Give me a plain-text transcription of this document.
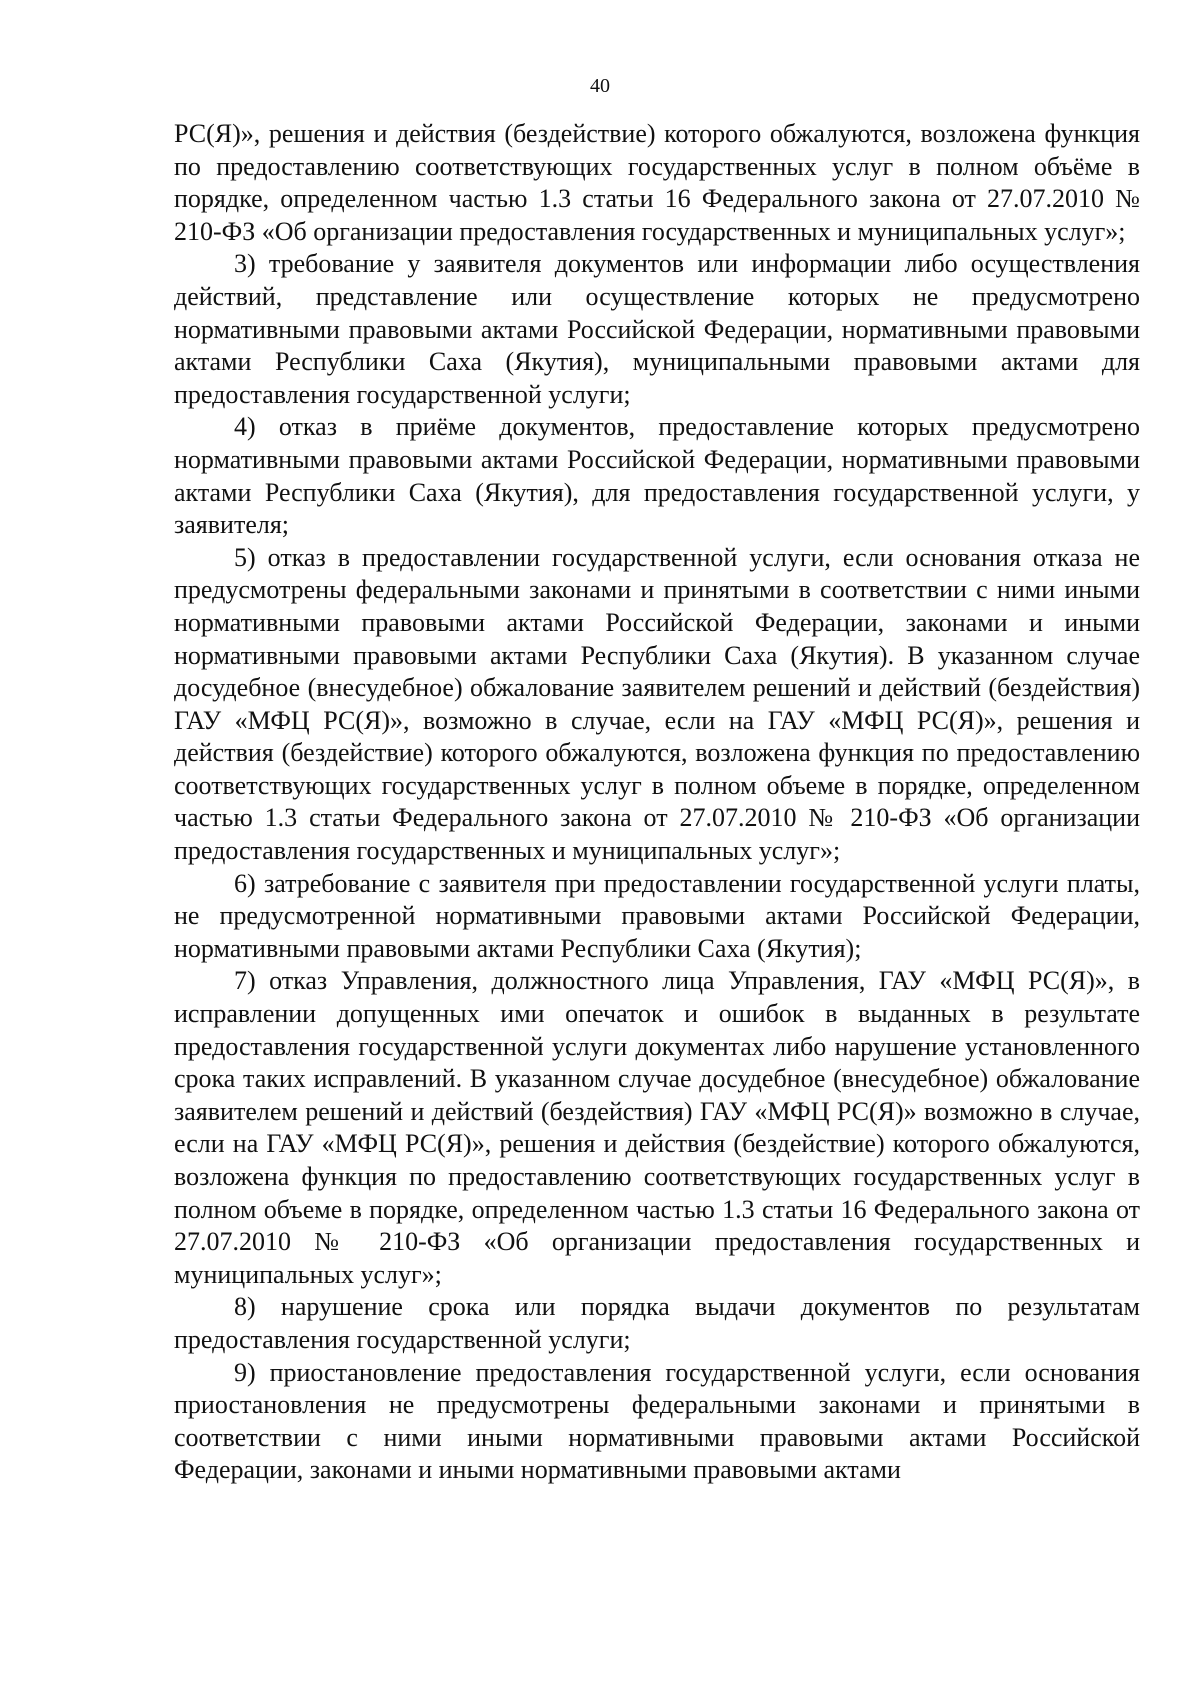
40

РС(Я)», решения и действия (бездействие) которого обжалуются, возложена функция по предоставлению соответствующих государственных услуг в полном объёме в порядке, определенном частью 1.3 статьи 16 Федерального закона от 27.07.2010 № 210-ФЗ «Об организации предоставления государственных и муниципальных услуг»;

3) требование у заявителя документов или информации либо осуществления действий, представление или осуществление которых не предусмотрено нормативными правовыми актами Российской Федерации, нормативными правовыми актами Республики Саха (Якутия), муниципальными правовыми актами для предоставления государственной услуги;

4) отказ в приёме документов, предоставление которых предусмотрено нормативными правовыми актами Российской Федерации, нормативными правовыми актами Республики Саха (Якутия), для предоставления государственной услуги, у заявителя;

5) отказ в предоставлении государственной услуги, если основания отказа не предусмотрены федеральными законами и принятыми в соответствии с ними иными нормативными правовыми актами Российской Федерации, законами и иными нормативными правовыми актами Республики Саха (Якутия). В указанном случае досудебное (внесудебное) обжалование заявителем решений и действий (бездействия) ГАУ «МФЦ РС(Я)», возможно в случае, если на ГАУ «МФЦ РС(Я)», решения и действия (бездействие) которого обжалуются, возложена функция по предоставлению соответствующих государственных услуг в полном объеме в порядке, определенном частью 1.3 статьи Федерального закона от 27.07.2010 № 210-ФЗ «Об организации предоставления государственных и муниципальных услуг»;

6) затребование с заявителя при предоставлении государственной услуги платы, не предусмотренной нормативными правовыми актами Российской Федерации, нормативными правовыми актами Республики Саха (Якутия);

7) отказ Управления, должностного лица Управления, ГАУ «МФЦ РС(Я)», в исправлении допущенных ими опечаток и ошибок в выданных в результате предоставления государственной услуги документах либо нарушение установленного срока таких исправлений. В указанном случае досудебное (внесудебное) обжалование заявителем решений и действий (бездействия) ГАУ «МФЦ РС(Я)» возможно в случае, если на ГАУ «МФЦ РС(Я)», решения и действия (бездействие) которого обжалуются, возложена функция по предоставлению соответствующих государственных услуг в полном объеме в порядке, определенном частью 1.3 статьи 16 Федерального закона от 27.07.2010 № 210-ФЗ «Об организации предоставления государственных и муниципальных услуг»;

8) нарушение срока или порядка выдачи документов по результатам предоставления государственной услуги;

9) приостановление предоставления государственной услуги, если основания приостановления не предусмотрены федеральными законами и принятыми в соответствии с ними иными нормативными правовыми актами Российской Федерации, законами и иными нормативными правовыми актами
